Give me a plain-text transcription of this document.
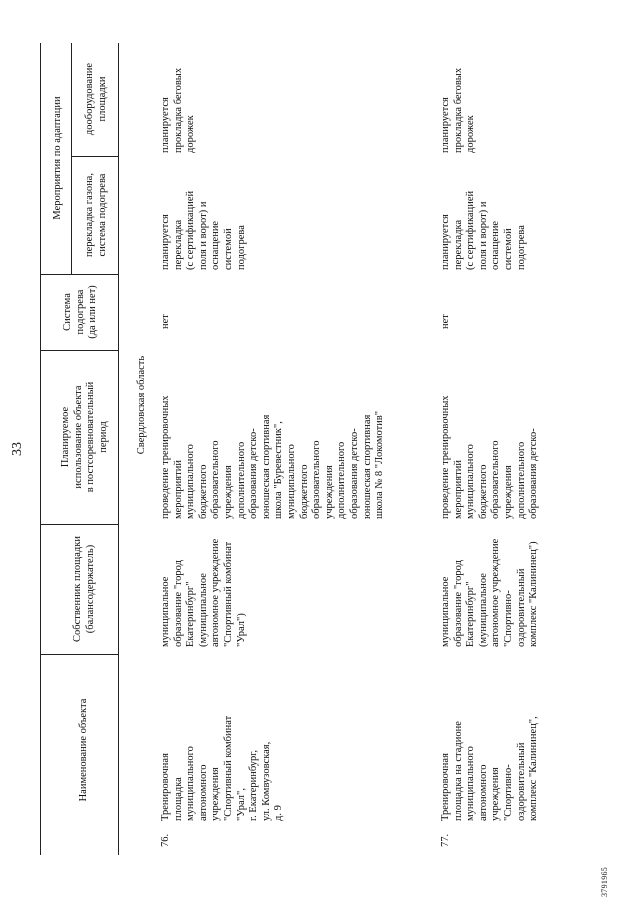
33
Наименование объекта
Собственник площадки
(балансодержатель)
Планируемое
использование объекта
в постсоревновательный
период
Система
подогрева
(да или нет)
Мероприятия по адаптации
перекладка газона,
система подогрева
дооборудование
площадки
Свердловская область
76.
Тренировочная
площадка
муниципального
автономного
учреждения
"Спортивный комбинат
"Урал",
г. Екатеринбург,
ул. Комвузовская,
д. 9
муниципальное
образование "город
Екатеринбург"
(муниципальное
автономное учреждение
"Спортивный комбинат
"Урал")
проведение тренировочных
мероприятий
муниципального
бюджетного
образовательного
учреждения
дополнительного
образования детско-
юношеская спортивная
школа "Буревестник",
муниципального
бюджетного
образовательного
учреждения
дополнительного
образования детско-
юношеская спортивная
школа № 8 "Локомотив"
нет
планируется
перекладка
(с сертификацией
поля и ворот) и
оснащение
системой
подогрева
планируется
прокладка беговых
дорожек
77.
Тренировочная
площадка на стадионе
муниципального
автономного
учреждения
"Спортивно-
оздоровительный
комплекс "Калининец",
муниципальное
образование "город
Екатеринбург"
(муниципальное
автономное учреждение
"Спортивно-
оздоровительный
комплекс "Калининец")
проведение тренировочных
мероприятий
муниципального
бюджетного
образовательного
учреждения
дополнительного
образования детско-
нет
планируется
перекладка
(с сертификацией
поля и ворот) и
оснащение
системой
подогрева
планируется
прокладка беговых
дорожек
3791965
